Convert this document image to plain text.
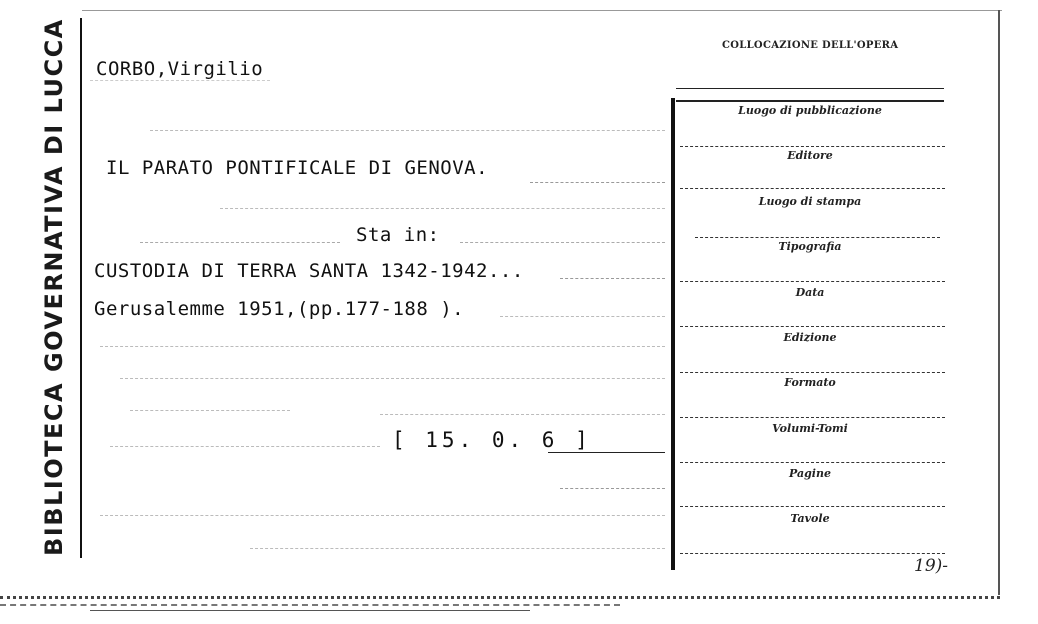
BIBLIOTECA GOVERNATIVA DI LUCCA	CORBO,Virgilio
IL PARATO PONTIFICALE DI GENOVA.
Sta in:
CUSTODIA DI TERRA SANTA 1342-1942...
Gerusalemme 1951,(pp.177-188 ).
[ 15. 0. 6 ]
COLLOCAZIONE DELL'OPERA
Luogo di pubblicazione
Editore
Luogo di stampa
Tipografia
Data
Edizione
Formato
Volumi-Tomi
Pagine
Tavole
19)-
